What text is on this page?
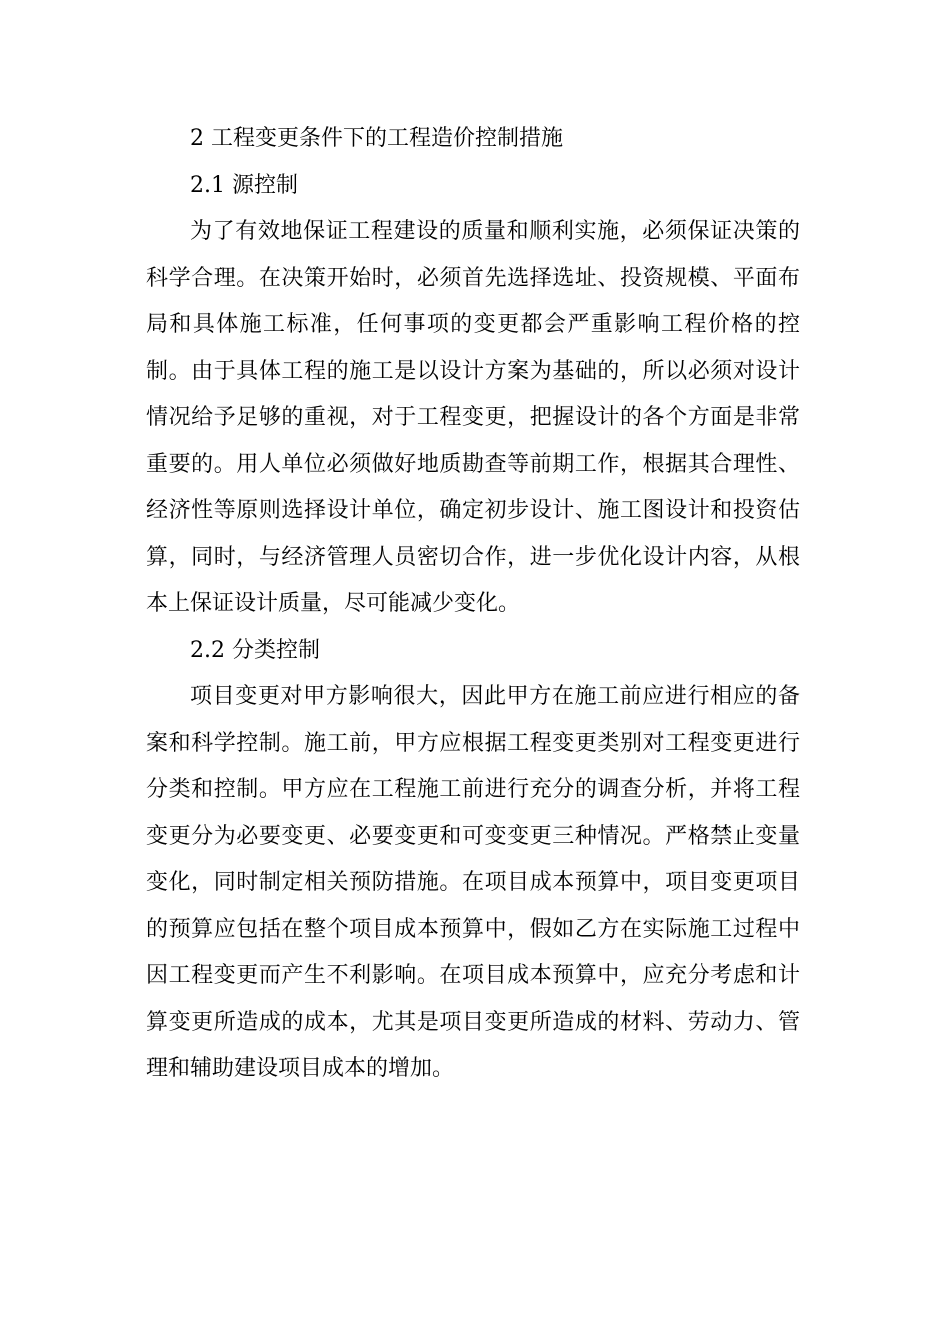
2 工程变更条件下的工程造价控制措施
2.1 源控制

为了有效地保证工程建设的质量和顺利实施，必须保证决策的
科学合理。在决策开始时，必须首先选择选址、投资规模、平面布
局和具体施工标准，任何事项的变更都会严重影响工程价格的控
制。由于具体工程的施工是以设计方案为基础的，所以必须对设计
情况给予足够的重视，对于工程变更，把握设计的各个方面是非常
重要的。用人单位必须做好地质勘查等前期工作，根据其合理性、
经济性等原则选择设计单位，确定初步设计、施工图设计和投资估
算，同时，与经济管理人员密切合作，进一步优化设计内容，从根
本上保证设计质量，尽可能减少变化。

2.2 分类控制

项目变更对甲方影响很大，因此甲方在施工前应进行相应的备
案和科学控制。施工前，甲方应根据工程变更类别对工程变更进行
分类和控制。甲方应在工程施工前进行充分的调查分析，并将工程
变更分为必要变更、必要变更和可变变更三种情况。严格禁止变量
变化，同时制定相关预防措施。在项目成本预算中，项目变更项目
的预算应包括在整个项目成本预算中，假如乙方在实际施工过程中
因工程变更而产生不利影响。在项目成本预算中，应充分考虑和计
算变更所造成的成本，尤其是项目变更所造成的材料、劳动力、管
理和辅助建设项目成本的增加。
